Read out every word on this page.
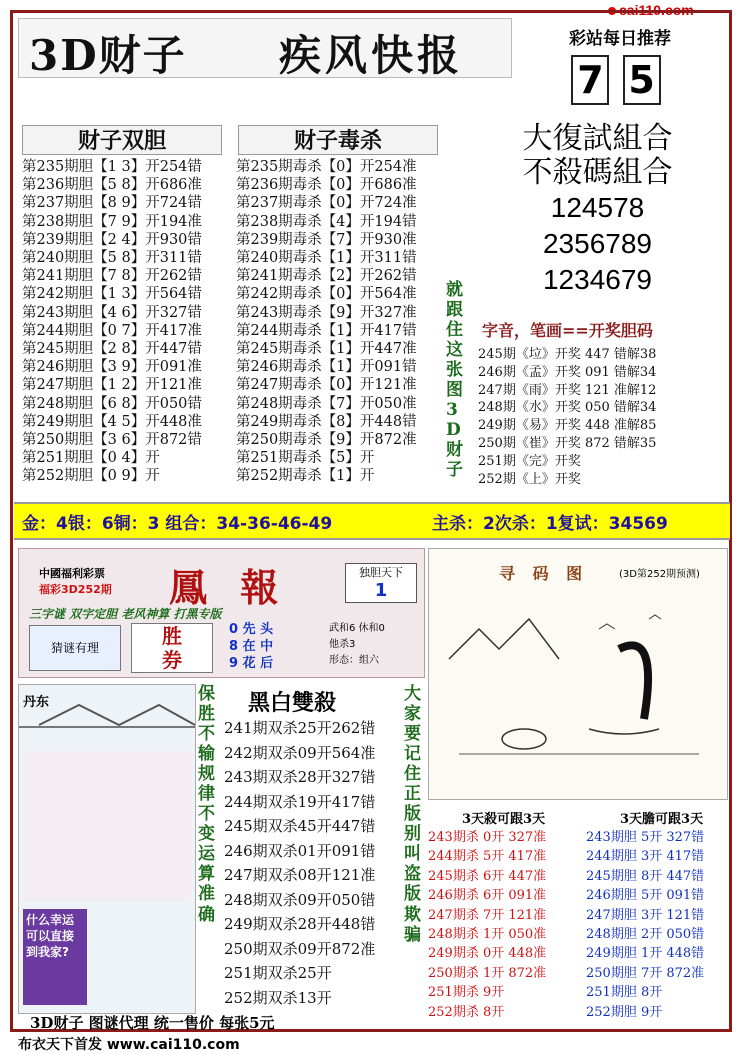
cai110.com
3D财子 疾风快报	彩站每日推荐
7 5
财子双胆
第235期胆【1 3】开254错
第236期胆【5 8】开686准
第237期胆【8 9】开724错
第238期胆【7 9】开194准
第239期胆【2 4】开930错
第240期胆【5 8】开311错
第241期胆【7 8】开262错
第242期胆【1 3】开564错
第243期胆【4 6】开327错
第244期胆【0 7】开417准
第245期胆【2 8】开447错
第246期胆【3 9】开091准
第247期胆【1 2】开121准
第248期胆【6 8】开050错
第249期胆【4 5】开448准
第250期胆【3 6】开872错
第251期胆【0 4】开
第252期胆【0 9】开
财子毒杀
第235期毒杀【0】开254准
第236期毒杀【0】开686准
第237期毒杀【0】开724准
第238期毒杀【4】开194错
第239期毒杀【7】开930准
第240期毒杀【1】开311错
第241期毒杀【2】开262错
第242期毒杀【0】开564准
第243期毒杀【9】开327准
第244期毒杀【1】开417错
第245期毒杀【1】开447准
第246期毒杀【1】开091错
第247期毒杀【0】开121准
第248期毒杀【7】开050准
第249期毒杀【8】开448错
第250期毒杀【9】开872准
第251期毒杀【5】开
第252期毒杀【1】开
大復試組合
不殺碼組合
124578
2356789
1234679
就跟住这张图3D财子
字音，笔画==开奖胆码
245期《垃》开奖 447 错解38
246期《孟》开奖 091 错解34
247期《雨》开奖 121 准解12
248期《水》开奖 050 错解34
249期《易》开奖 448 准解85
250期《崔》开奖 872 错解35
251期《完》开奖
252期《上》开奖
金：4银：6铜：3 组合：34-36-46-49	主杀：2次杀：1复试：34569
中國福利彩票
福彩3D252期 鳳 報	独胆天下
1
三字谜 双字定胆 老风神算 打黑专版
猜谜有理	胜
券
0 先 头
8 在 中
9 花 后
武和6 休和0
他杀3
形态：组六
寻 码 图	(3D第252期预测)
丹东
什么幸运可以直接到我家?
保胜不输规律不变运算准确
黑白雙殺
241期双杀25开262错
242期双杀09开564准
243期双杀28开327错
244期双杀19开417错
245期双杀45开447错
246期双杀01开091错
247期双杀08开121准
248期双杀09开050错
249期双杀28开448错
250期双杀09开872准
251期双杀25开
252期双杀13开
大家要记住正版别叫盗版欺骗
3天殺可跟3天	3天膽可跟3天
243期杀 0开 327准
244期杀 5开 417准
245期杀 6开 447准
246期杀 6开 091准
247期杀 7开 121准
248期杀 1开 050准
249期杀 0开 448准
250期杀 1开 872准
251期杀 9开
252期杀 8开
243期胆 5开 327错
244期胆 3开 417错
245期胆 8开 447错
246期胆 5开 091错
247期胆 3开 121错
248期胆 2开 050错
249期胆 1开 448错
250期胆 7开 872准
251期胆 8开
252期胆 9开
3D财子 图谜代理 统一售价 每张5元
布衣天下首发 www.cai110.com
